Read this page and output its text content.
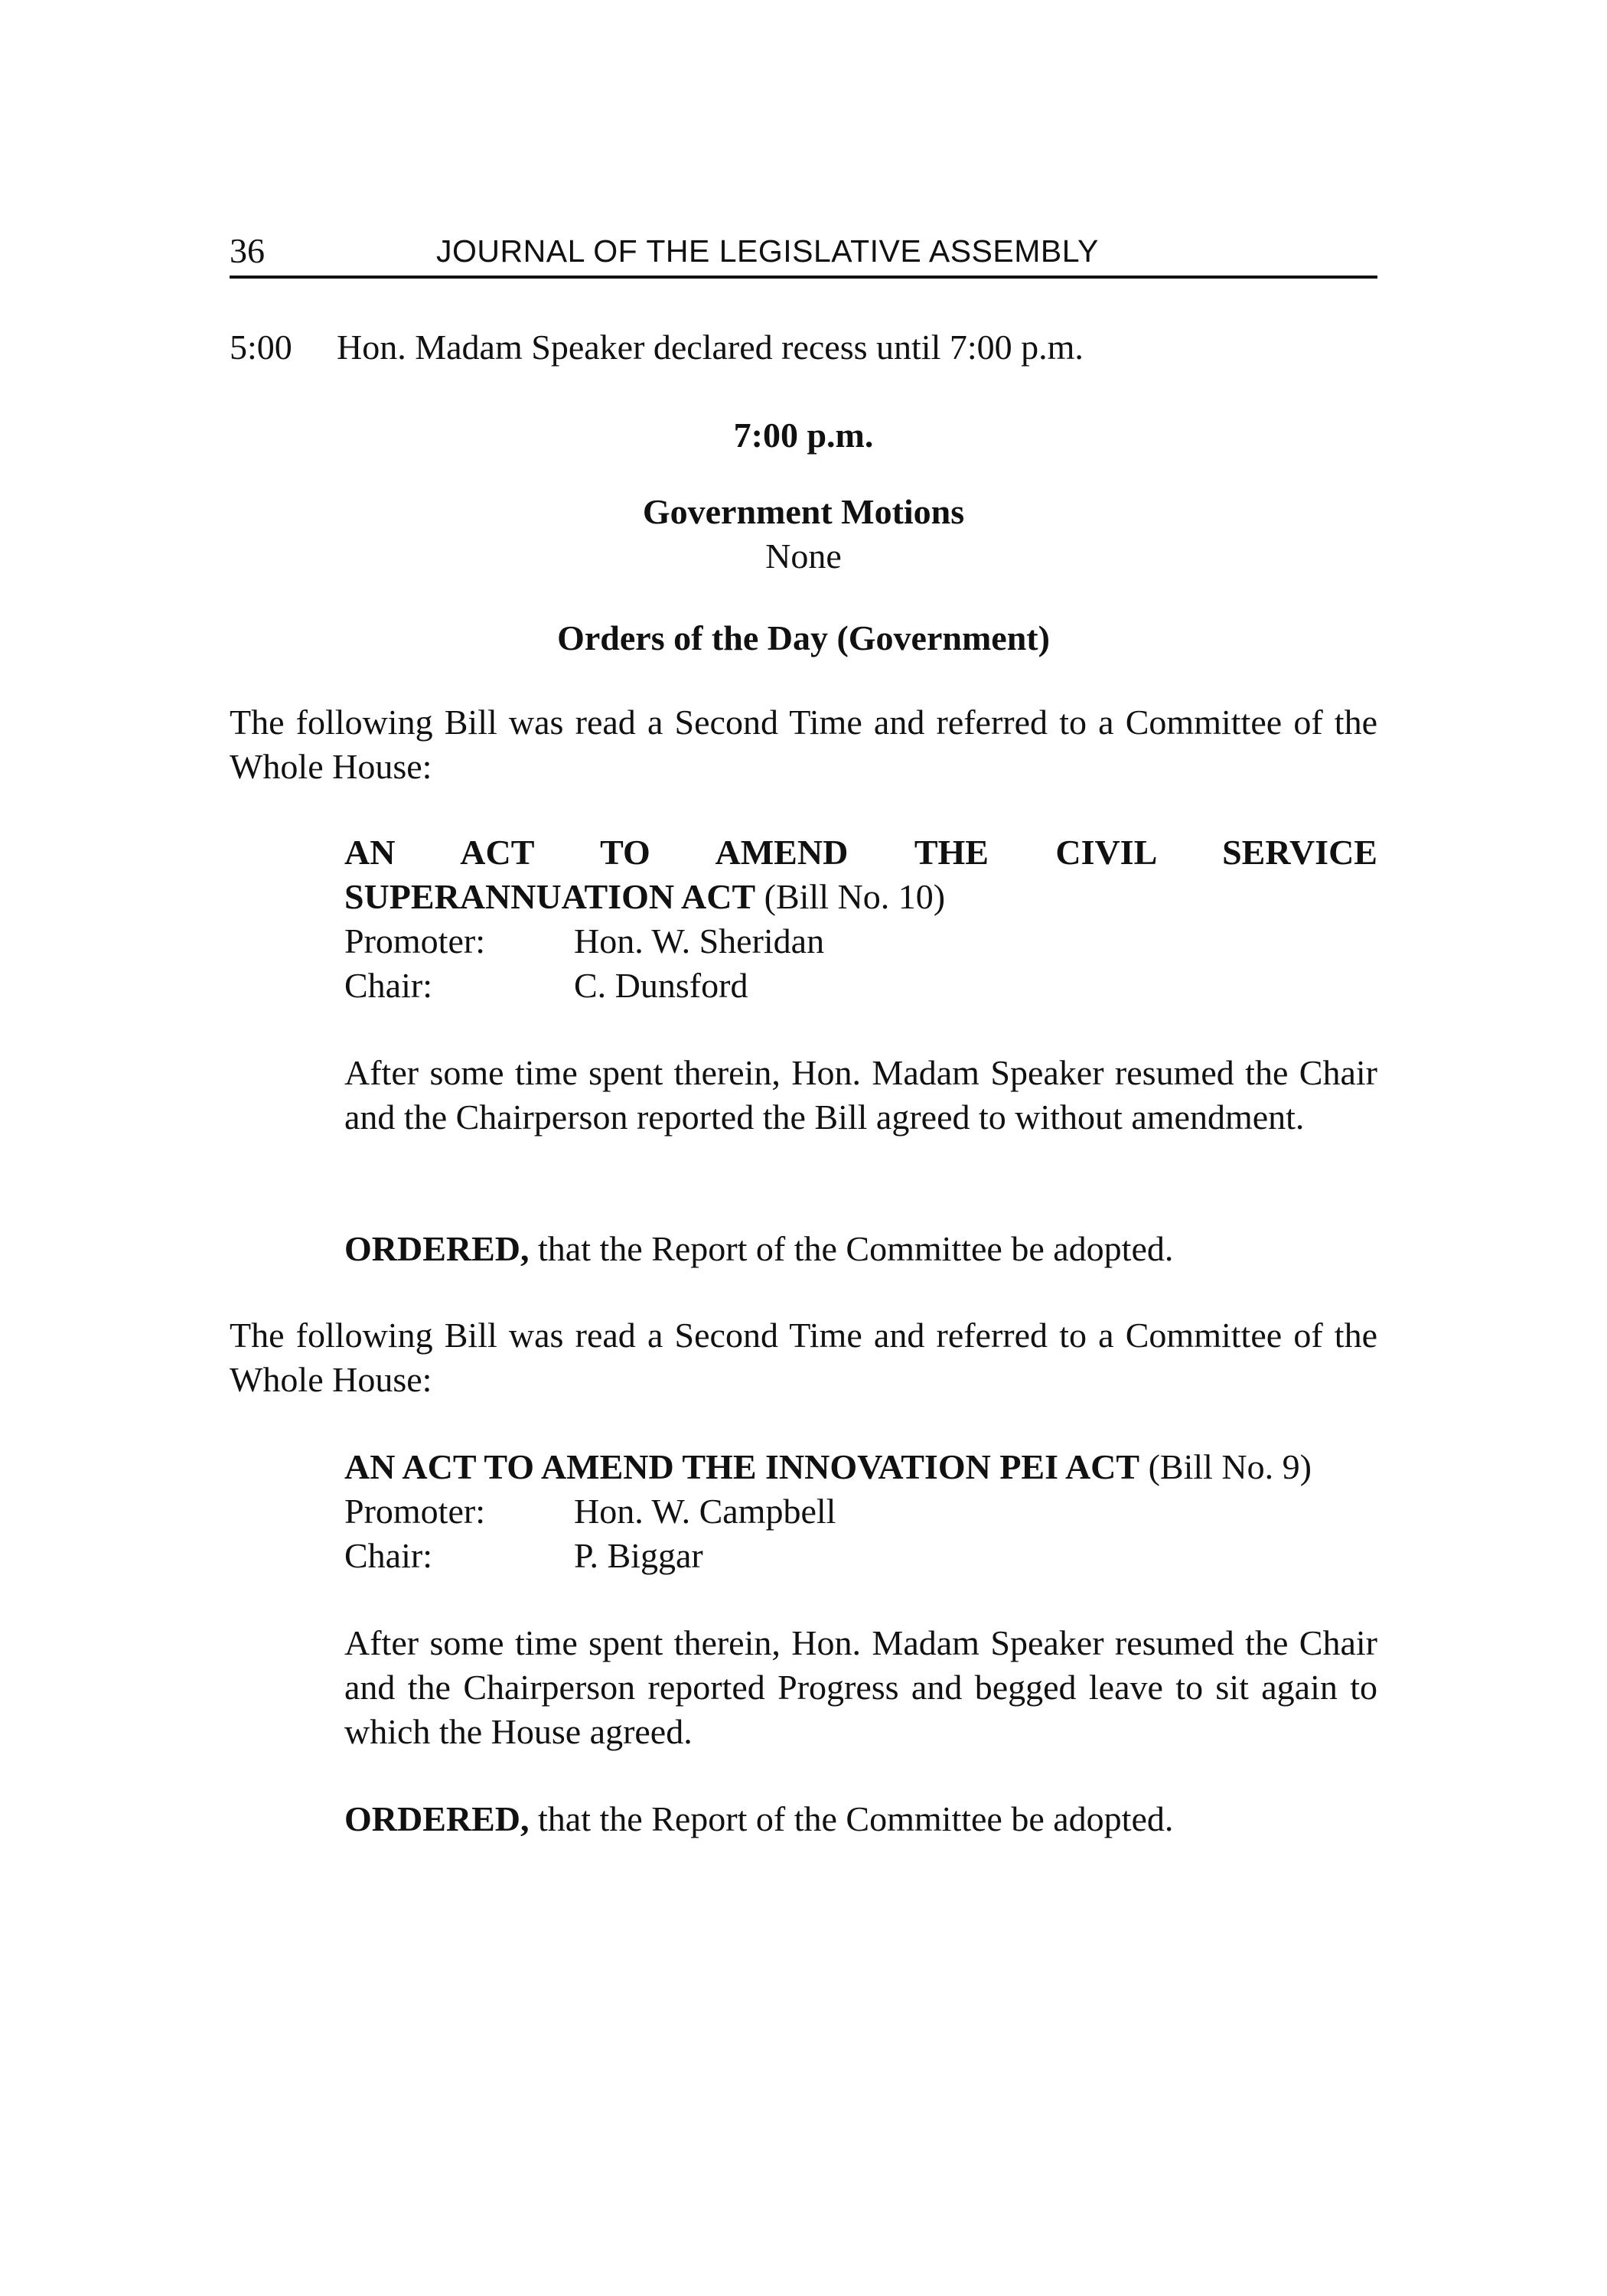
36	JOURNAL OF THE LEGISLATIVE ASSEMBLY
5:00 Hon. Madam Speaker declared recess until 7:00 p.m.
7:00 p.m.
Government Motions
None
Orders of the Day (Government)
The following Bill was read a Second Time and referred to a Committee of the Whole House:
AN ACT TO AMEND THE CIVIL SERVICE
SUPERANNUATION ACT (Bill No. 10)
Promoter:	Hon. W. Sheridan
Chair:	C. Dunsford
After some time spent therein, Hon. Madam Speaker resumed the Chair and the Chairperson reported the Bill agreed to without amendment.
ORDERED, that the Report of the Committee be adopted.
The following Bill was read a Second Time and referred to a Committee of the Whole House:
AN ACT TO AMEND THE INNOVATION PEI ACT (Bill No. 9)
Promoter:	Hon. W. Campbell
Chair:	P. Biggar
After some time spent therein, Hon. Madam Speaker resumed the Chair and the Chairperson reported Progress and begged leave to sit again to which the House agreed.
ORDERED, that the Report of the Committee be adopted.
